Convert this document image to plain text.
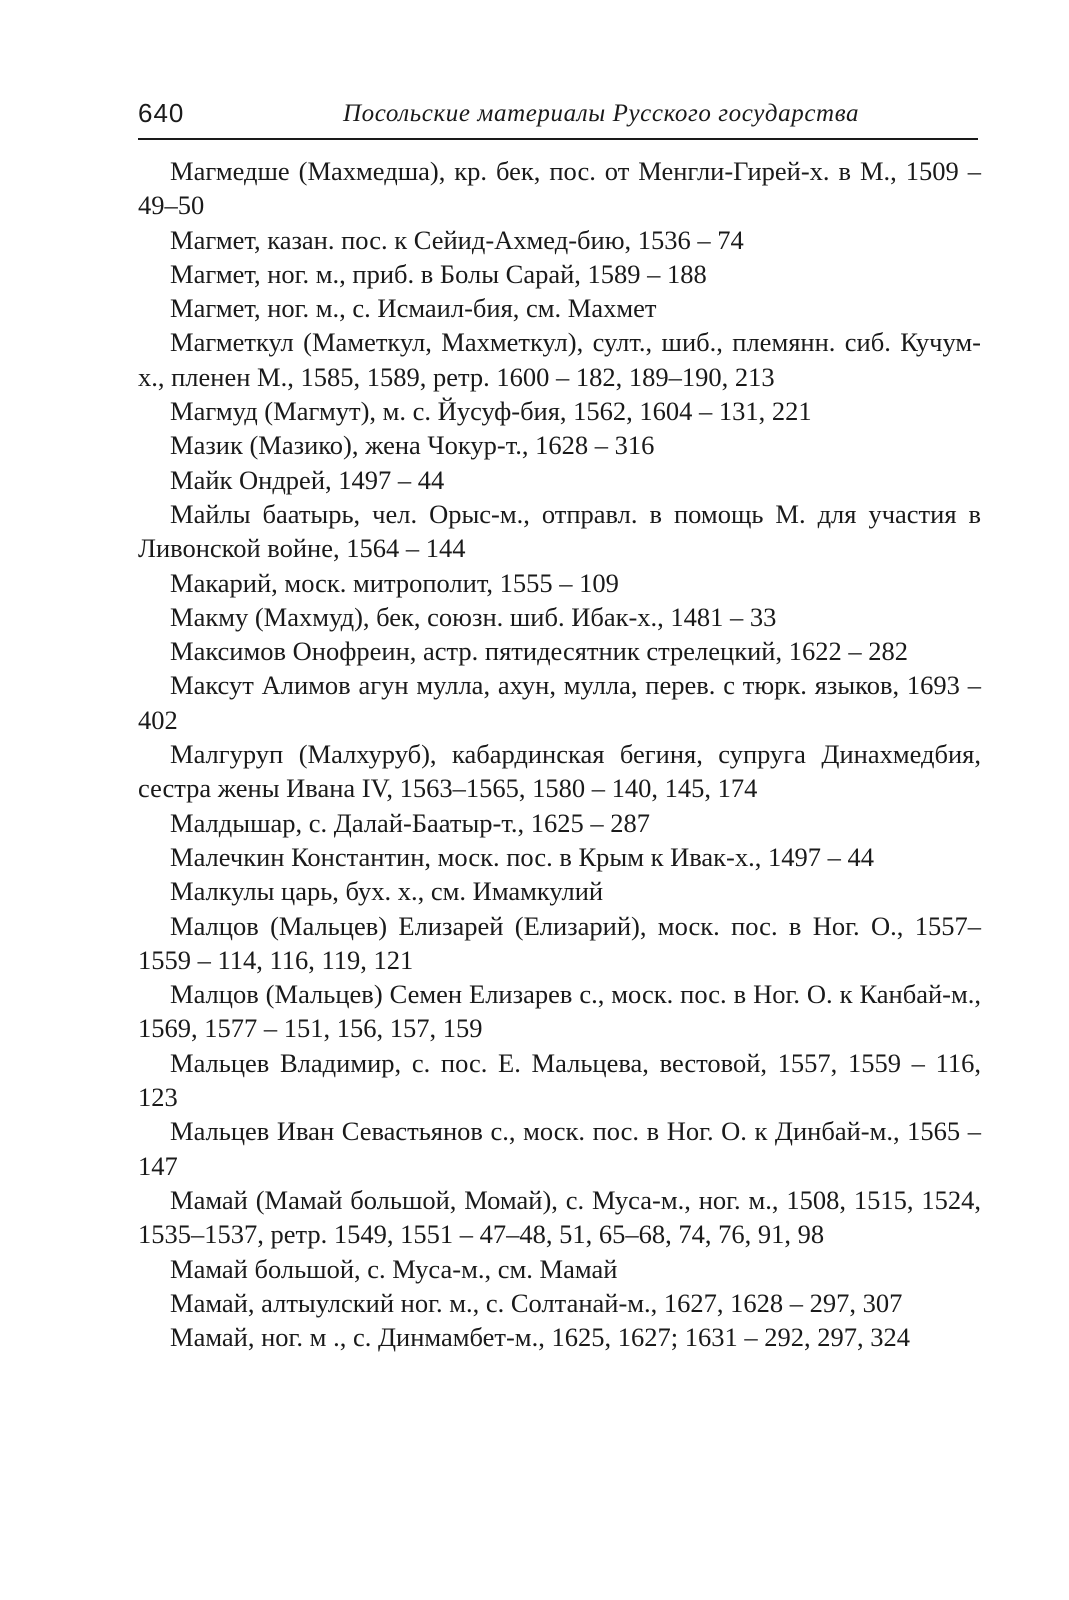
640	Посольские материалы Русского государства

Магмедше (Махмедша), кр. бек, пос. от Менгли-Гирей-х. в М., 1509 – 49–50

Магмет, казан. пос. к Сейид-Ахмед-бию, 1536 – 74

Магмет, ног. м., приб. в Болы Сарай, 1589 – 188

Магмет, ног. м., с. Исмаил-бия, см. Махмет

Магметкул (Маметкул, Махметкул), султ., шиб., племянн. сиб. Кучум-х., пленен М., 1585, 1589, ретр. 1600 – 182, 189–190, 213

Магмуд (Магмут), м. с. Йусуф-бия, 1562, 1604 – 131, 221

Мазик (Мазико), жена Чокур-т., 1628 – 316

Майк Ондрей, 1497 – 44

Майлы баатырь, чел. Орыс-м., отправл. в помощь М. для участия в Ливонской войне, 1564 – 144

Макарий, моск. митрополит, 1555 – 109

Макму (Махмуд), бек, союзн. шиб. Ибак-х., 1481 – 33

Максимов Онофреин, астр. пятидесятник стрелецкий, 1622 – 282

Максут Алимов агун мулла, ахун, мулла, перев. с тюрк. языков, 1693 – 402

Малгуруп (Малхуруб), кабардинская бегиня, супруга Динахмедбия, сестра жены Ивана IV, 1563–1565, 1580 – 140, 145, 174

Малдышар, с. Далай-Баатыр-т., 1625 – 287

Малечкин Константин, моск. пос. в Крым к Ивак-х., 1497 – 44

Малкулы царь, бух. х., см. Имамкулий

Малцов (Мальцев) Елизарей (Елизарий), моск. пос. в Ног. О., 1557–1559 – 114, 116, 119, 121

Малцов (Мальцев) Семен Елизарев с., моск. пос. в Ног. О. к Канбай-м., 1569, 1577 – 151, 156, 157, 159

Мальцев Владимир, с. пос. Е. Мальцева, вестовой, 1557, 1559 – 116, 123

Мальцев Иван Севастьянов с., моск. пос. в Ног. О. к Динбай-м., 1565 – 147

Мамай (Мамай большой, Момай), с. Муса-м., ног. м., 1508, 1515, 1524, 1535–1537, ретр. 1549, 1551 – 47–48, 51, 65–68, 74, 76, 91, 98

Мамай большой, с. Муса-м., см. Мамай

Мамай, алтыулский ног. м., с. Солтанай-м., 1627, 1628 – 297, 307

Мамай, ног. м ., с. Динмамбет-м., 1625, 1627; 1631 – 292, 297, 324
